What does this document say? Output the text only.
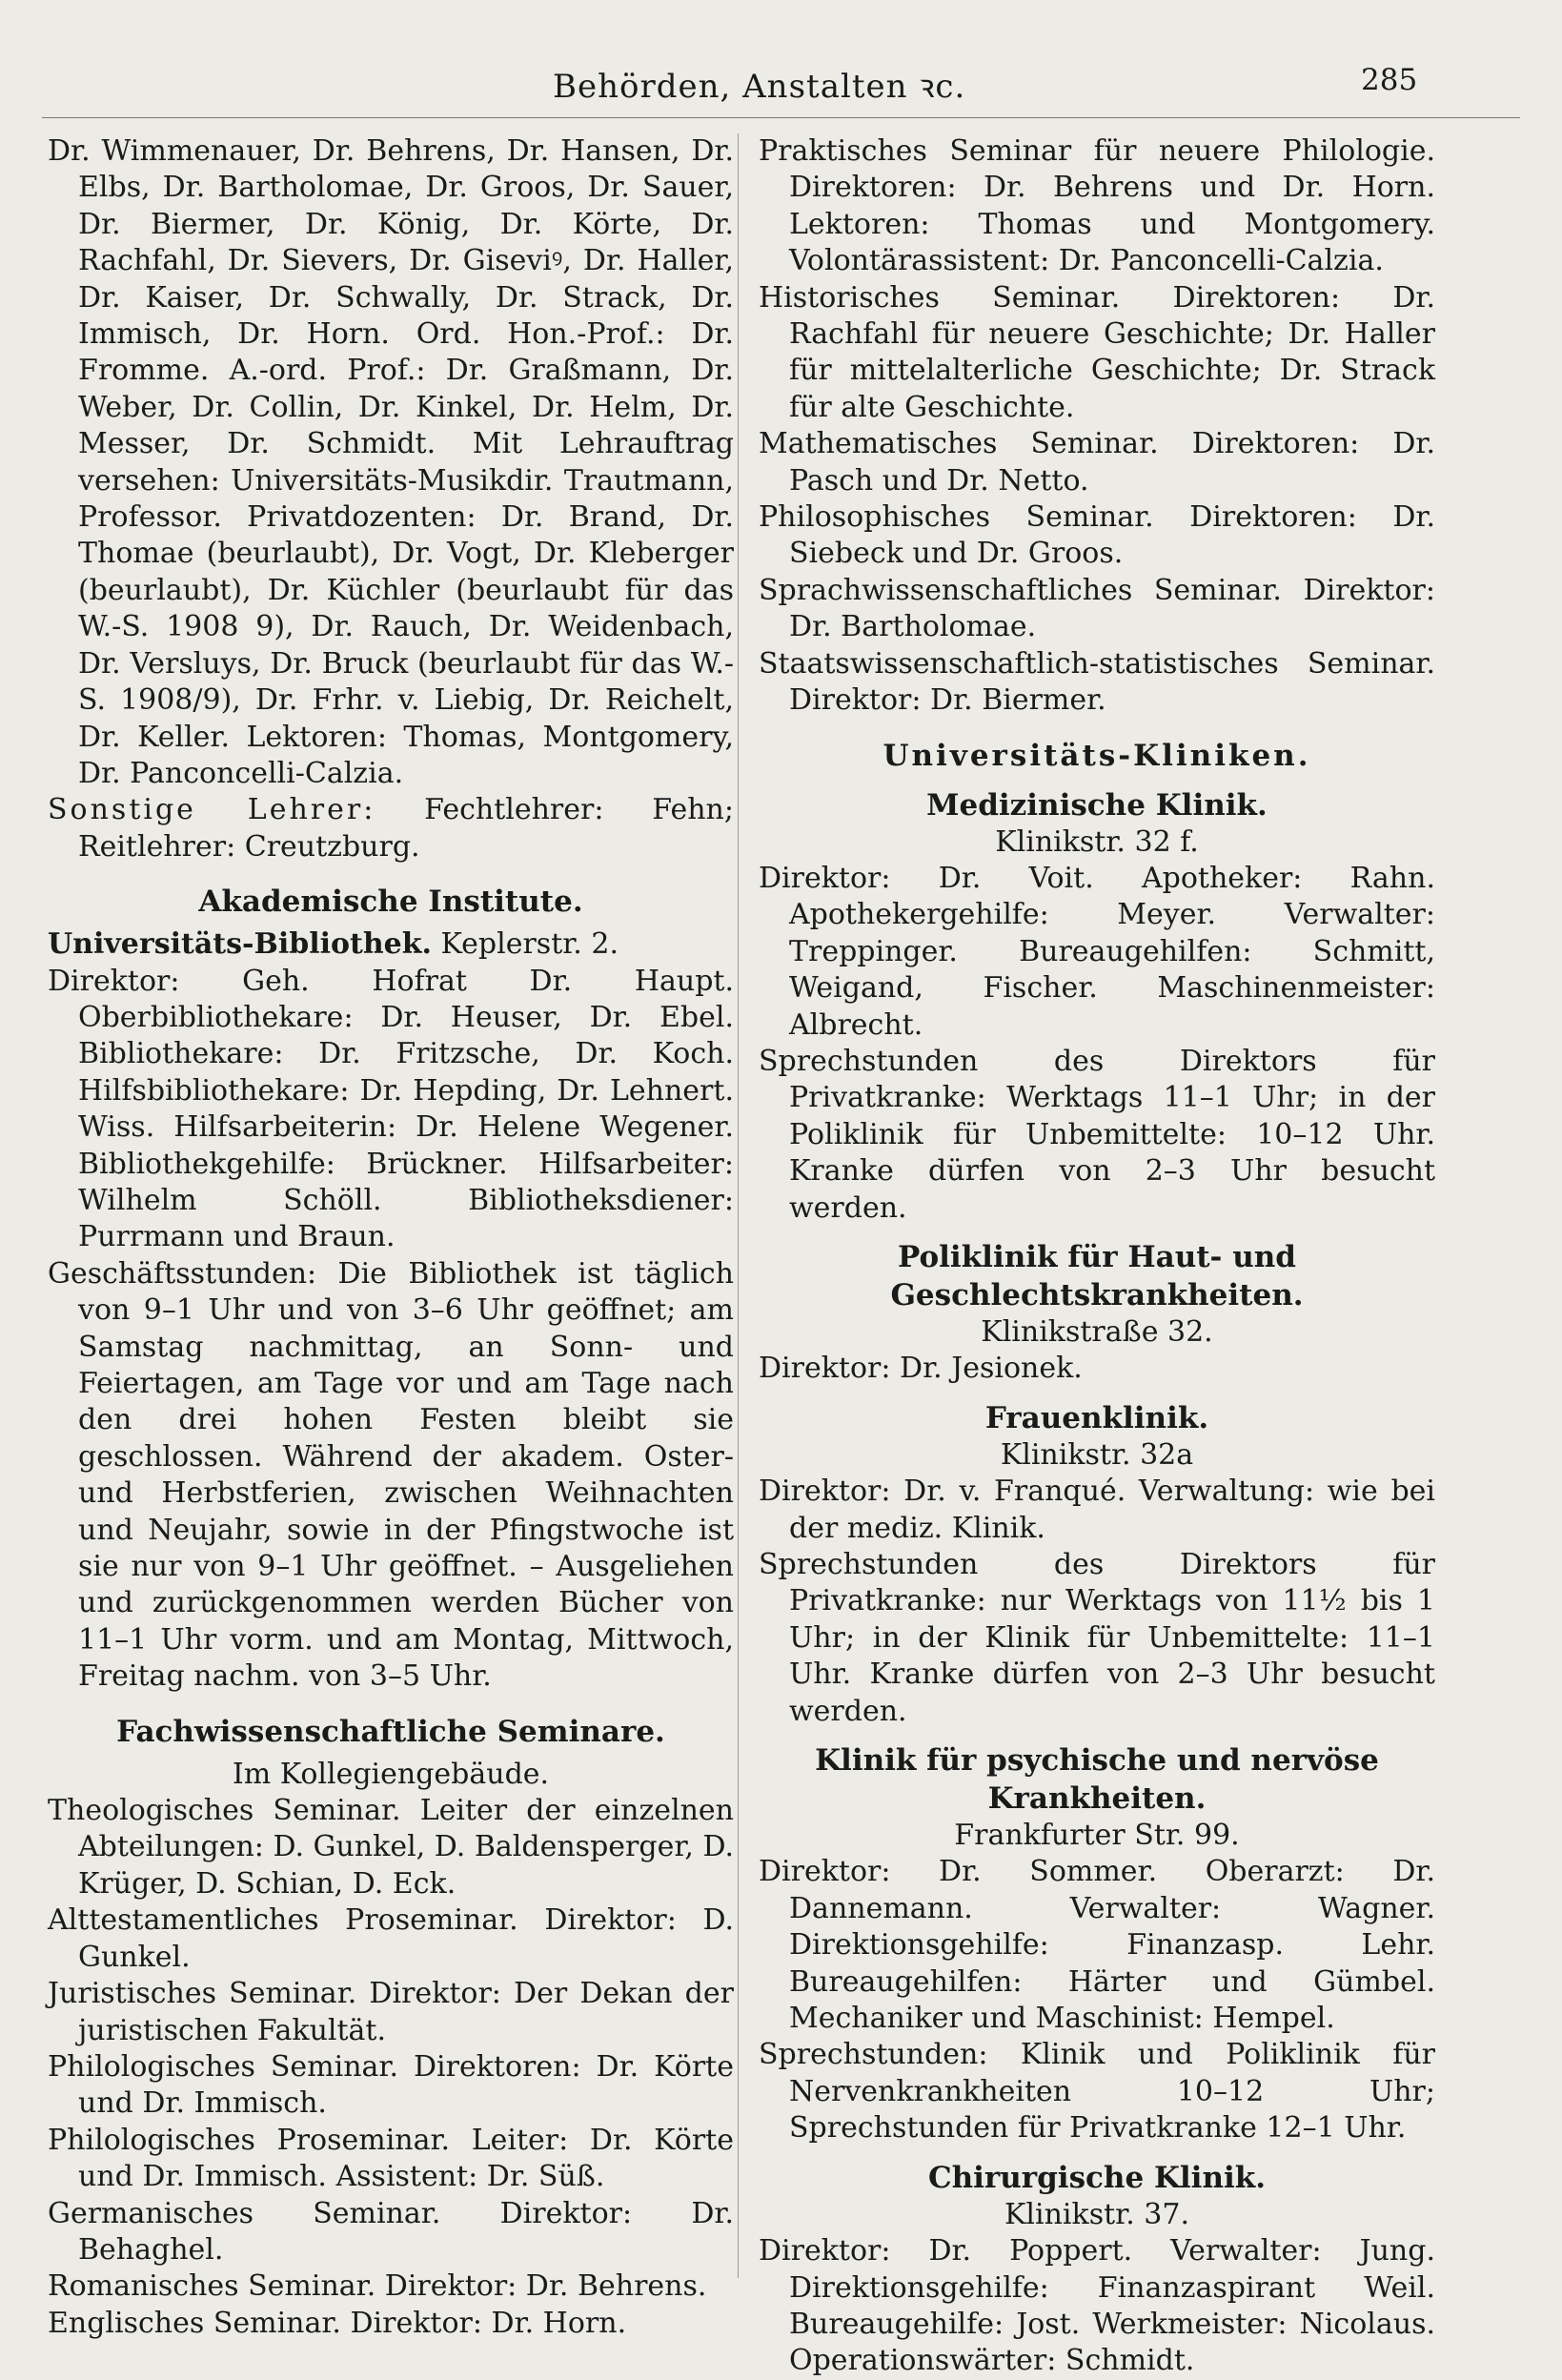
Behörden, Anstalten ꝛc.	285

Dr. Wimmenauer, Dr. Behrens, Dr. Hansen, Dr. Elbs, Dr. Bartholomae, Dr. Groos, Dr. Sauer, Dr. Biermer, Dr. König, Dr. Körte, Dr. Rachfahl, Dr. Sievers, Dr. Giseviꝰ, Dr. Haller, Dr. Kaiser, Dr. Schwally, Dr. Strack, Dr. Immisch, Dr. Horn. Ord. Hon.-Prof.: Dr. Fromme. A.-ord. Prof.: Dr. Graßmann, Dr. Weber, Dr. Collin, Dr. Kinkel, Dr. Helm, Dr. Messer, Dr. Schmidt. Mit Lehrauftrag versehen: Universitäts-Musikdir. Trautmann, Professor. Privatdozenten: Dr. Brand, Dr. Thomae (beurlaubt), Dr. Vogt, Dr. Kleberger (beurlaubt), Dr. Küchler (beurlaubt für das W.-S. 1908 9), Dr. Rauch, Dr. Weidenbach, Dr. Versluys, Dr. Bruck (beurlaubt für das W.-S. 1908/9), Dr. Frhr. v. Liebig, Dr. Reichelt, Dr. Keller. Lektoren: Thomas, Montgomery, Dr. Panconcelli-Calzia.

Sonstige Lehrer: Fechtlehrer: Fehn; Reitlehrer: Creutzburg.

Akademische Institute.

Universitäts-Bibliothek. Keplerstr. 2.

Direktor: Geh. Hofrat Dr. Haupt. Oberbibliothekare: Dr. Heuser, Dr. Ebel. Bibliothekare: Dr. Fritzsche, Dr. Koch. Hilfsbibliothekare: Dr. Hepding, Dr. Lehnert. Wiss. Hilfsarbeiterin: Dr. Helene Wegener. Bibliothekgehilfe: Brückner. Hilfsarbeiter: Wilhelm Schöll. Bibliotheksdiener: Purrmann und Braun.

Geschäftsstunden: Die Bibliothek ist täglich von 9–1 Uhr und von 3–6 Uhr geöffnet; am Samstag nachmittag, an Sonn- und Feiertagen, am Tage vor und am Tage nach den drei hohen Festen bleibt sie geschlossen. Während der akadem. Oster- und Herbstferien, zwischen Weihnachten und Neujahr, sowie in der Pfingstwoche ist sie nur von 9–1 Uhr geöffnet. – Ausgeliehen und zurückgenommen werden Bücher von 11–1 Uhr vorm. und am Montag, Mittwoch, Freitag nachm. von 3–5 Uhr.

Fachwissenschaftliche Seminare.

Im Kollegiengebäude.

Theologisches Seminar. Leiter der einzelnen Abteilungen: D. Gunkel, D. Baldensperger, D. Krüger, D. Schian, D. Eck.

Alttestamentliches Proseminar. Direktor: D. Gunkel.

Juristisches Seminar. Direktor: Der Dekan der juristischen Fakultät.

Philologisches Seminar. Direktoren: Dr. Körte und Dr. Immisch.

Philologisches Proseminar. Leiter: Dr. Körte und Dr. Immisch. Assistent: Dr. Süß.

Germanisches Seminar. Direktor: Dr. Behaghel.

Romanisches Seminar. Direktor: Dr. Behrens.

Englisches Seminar. Direktor: Dr. Horn.

Praktisches Seminar für neuere Philologie. Direktoren: Dr. Behrens und Dr. Horn. Lektoren: Thomas und Montgomery. Volontärassistent: Dr. Panconcelli-Calzia.

Historisches Seminar. Direktoren: Dr. Rachfahl für neuere Geschichte; Dr. Haller für mittelalterliche Geschichte; Dr. Strack für alte Geschichte.

Mathematisches Seminar. Direktoren: Dr. Pasch und Dr. Netto.

Philosophisches Seminar. Direktoren: Dr. Siebeck und Dr. Groos.

Sprachwissenschaftliches Seminar. Direktor: Dr. Bartholomae.

Staatswissenschaftlich-statistisches Seminar. Direktor: Dr. Biermer.

Universitäts-Kliniken.
Medizinische Klinik.

Klinikstr. 32 f.

Direktor: Dr. Voit. Apotheker: Rahn. Apothekergehilfe: Meyer. Verwalter: Treppinger. Bureaugehilfen: Schmitt, Weigand, Fischer. Maschinenmeister: Albrecht.

Sprechstunden des Direktors für Privatkranke: Werktags 11–1 Uhr; in der Poliklinik für Unbemittelte: 10–12 Uhr. Kranke dürfen von 2–3 Uhr besucht werden.

Poliklinik für Haut- und Geschlechtskrankheiten.

Klinikstraße 32.

Direktor: Dr. Jesionek.

Frauenklinik.

Klinikstr. 32a

Direktor: Dr. v. Franqué. Verwaltung: wie bei der mediz. Klinik.

Sprechstunden des Direktors für Privatkranke: nur Werktags von 11½ bis 1 Uhr; in der Klinik für Unbemittelte: 11–1 Uhr. Kranke dürfen von 2–3 Uhr besucht werden.

Klinik für psychische und nervöse Krankheiten.

Frankfurter Str. 99.

Direktor: Dr. Sommer. Oberarzt: Dr. Dannemann. Verwalter: Wagner. Direktionsgehilfe: Finanzasp. Lehr. Bureaugehilfen: Härter und Gümbel. Mechaniker und Maschinist: Hempel.

Sprechstunden: Klinik und Poliklinik für Nervenkrankheiten 10–12 Uhr; Sprechstunden für Privatkranke 12–1 Uhr.

Chirurgische Klinik.

Klinikstr. 37.

Direktor: Dr. Poppert. Verwalter: Jung. Direktionsgehilfe: Finanzaspirant Weil. Bureaugehilfe: Jost. Werkmeister: Nicolaus. Operationswärter: Schmidt.
